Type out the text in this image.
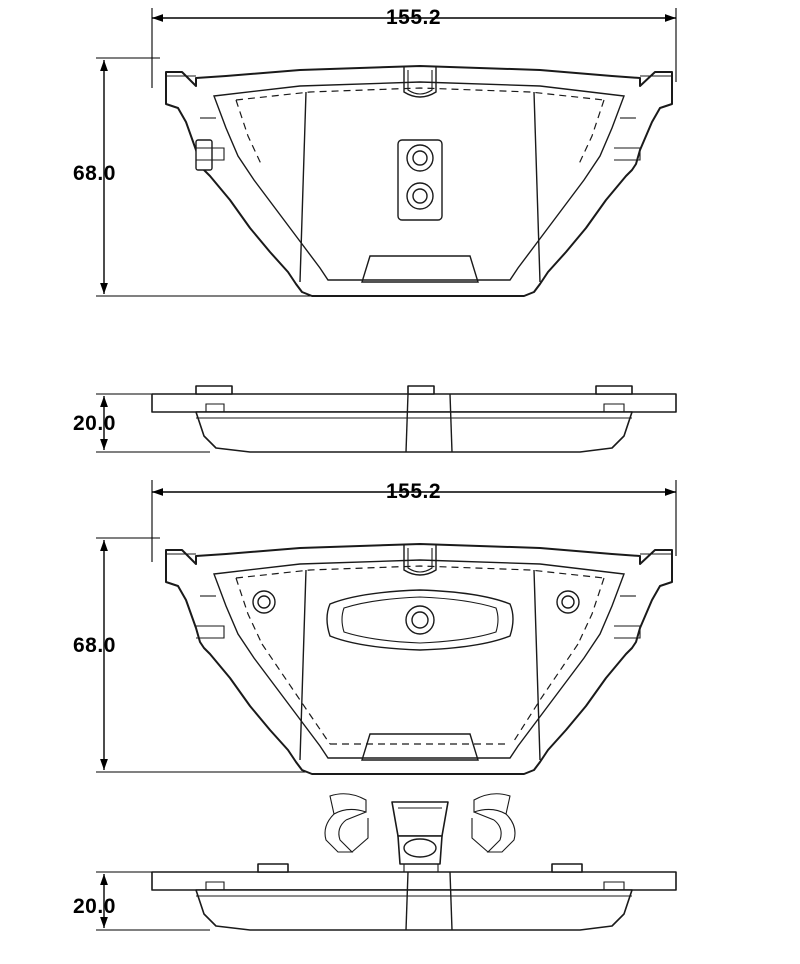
155.2
68.0
20.0
155.2
68.0
20.0
